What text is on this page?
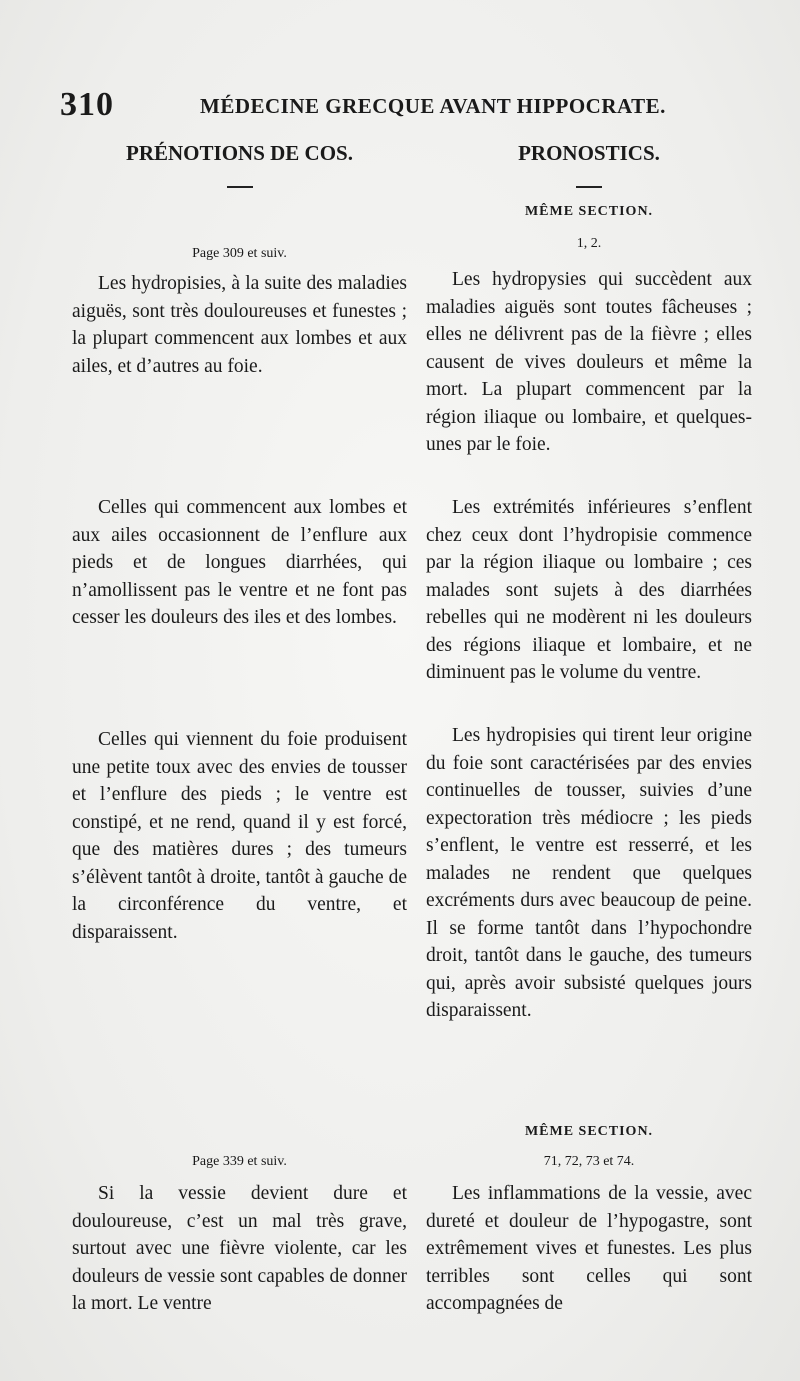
310	MÉDECINE GRECQUE AVANT HIPPOCRATE.
PRÉNOTIONS DE COS.

Page 309 et suiv.

Les hydropisies, à la suite des maladies aiguës, sont très douloureuses et funestes ; la plupart commencent aux lombes et aux ailes, et d’autres au foie.

Celles qui commencent aux lombes et aux ailes occasionnent de l’enflure aux pieds et de longues diarrhées, qui n’amollissent pas le ventre et ne font pas cesser les douleurs des iles et des lombes.

Celles qui viennent du foie produisent une petite toux avec des envies de tousser et l’enflure des pieds ; le ventre est constipé, et ne rend, quand il y est forcé, que des matières dures ; des tumeurs s’élèvent tantôt à droite, tantôt à gauche de la circonférence du ventre, et disparaissent.

Page 339 et suiv.

Si la vessie devient dure et douloureuse, c’est un mal très grave, surtout avec une fièvre violente, car les douleurs de vessie sont capables de donner la mort. Le ventre

PRONOSTICS.

MÊME SECTION.

1, 2.

Les hydropysies qui succèdent aux maladies aiguës sont toutes fâcheuses ; elles ne délivrent pas de la fièvre ; elles causent de vives douleurs et même la mort. La plupart commencent par la région iliaque ou lombaire, et quelques-unes par le foie.

Les extrémités inférieures s’enflent chez ceux dont l’hydropisie commence par la région iliaque ou lombaire ; ces malades sont sujets à des diarrhées rebelles qui ne modèrent ni les douleurs des régions iliaque et lombaire, et ne diminuent pas le volume du ventre.

Les hydropisies qui tirent leur origine du foie sont caractérisées par des envies continuelles de tousser, suivies d’une expectoration très médiocre ; les pieds s’enflent, le ventre est resserré, et les malades ne rendent que quelques excréments durs avec beaucoup de peine. Il se forme tantôt dans l’hypochondre droit, tantôt dans le gauche, des tumeurs qui, après avoir subsisté quelques jours disparaissent.

MÊME SECTION.

71, 72, 73 et 74.

Les inflammations de la vessie, avec dureté et douleur de l’hypogastre, sont extrêmement vives et funestes. Les plus terribles sont celles qui sont accompagnées de
